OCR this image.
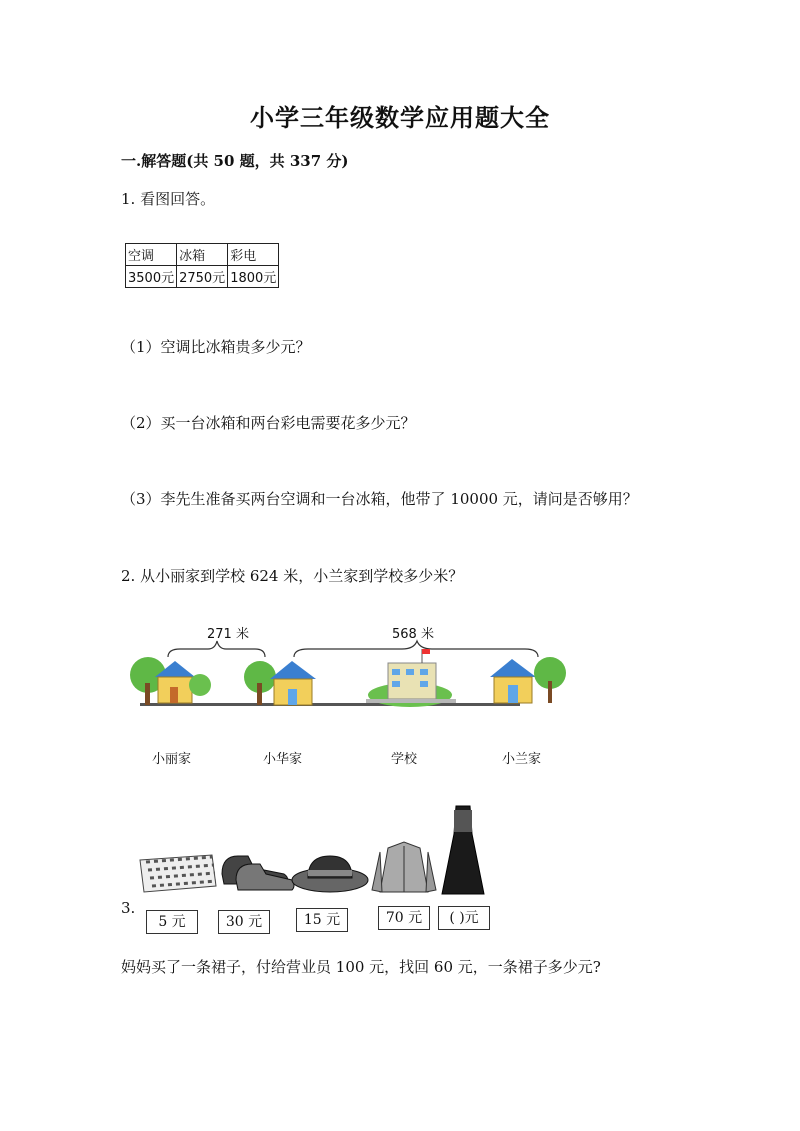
小学三年级数学应用题大全
一.解答题(共 50 题，共 337 分)
1. 看图回答。
空调	冰箱	彩电
3500元	2750元	1800元
（1）空调比冰箱贵多少元？
（2）买一台冰箱和两台彩电需要花多少元？
（3）李先生准备买两台空调和一台冰箱，他带了 10000 元，请问是否够用？
2. 从小丽家到学校 624 米，小兰家到学校多少米？
271 米	568 米
小丽家	小华家	学校	小兰家
3.
5 元	30 元	15 元	70 元	( )元
妈妈买了一条裙子，付给营业员 100 元，找回 60 元，一条裙子多少元?
